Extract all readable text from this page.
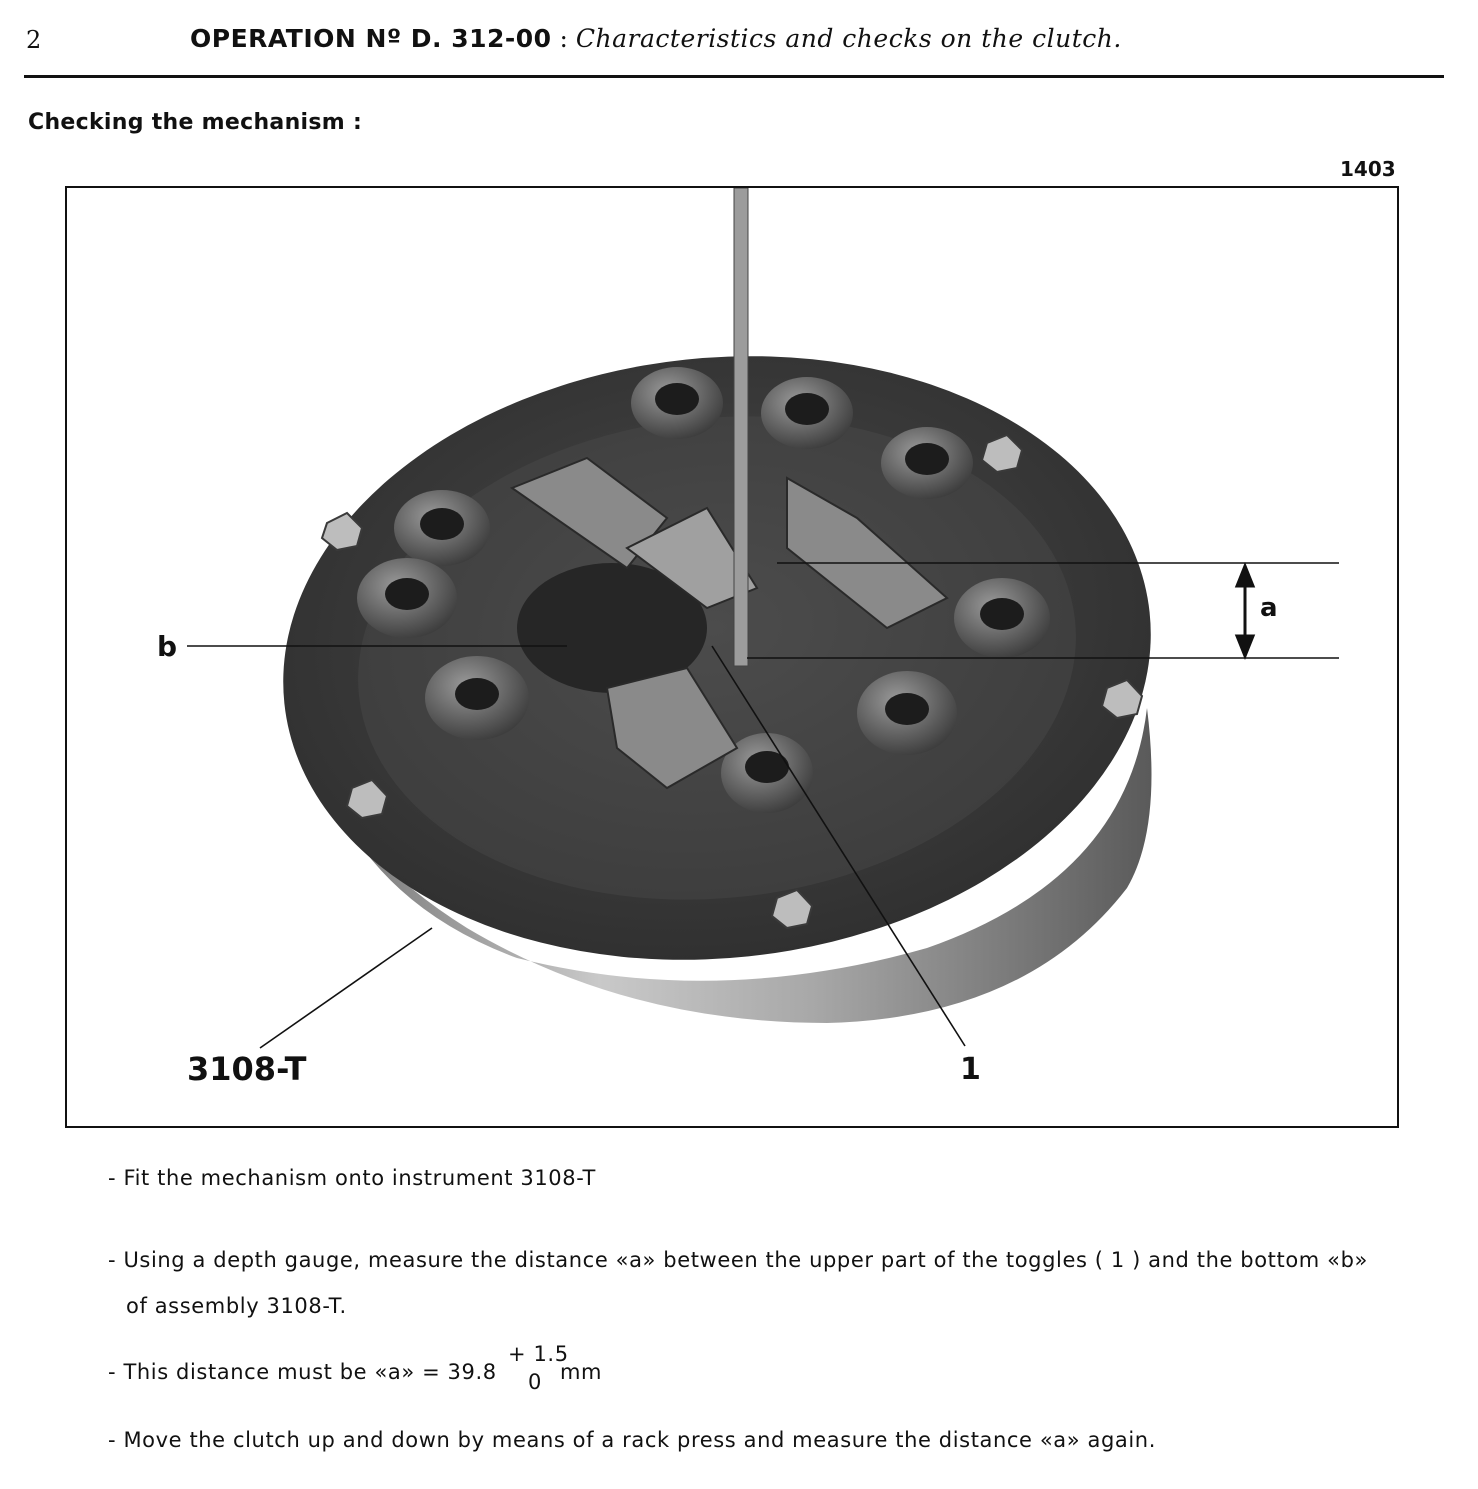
2	OPERATION Nº D. 312-00 : Characteristics and checks on the clutch.
Checking the mechanism :
1403
b
a
3108-T	1
- Fit the mechanism onto instrument 3108-T
- Using a depth gauge, measure the distance «a» between the upper part of the toggles ( 1 ) and the bottom «b»
of assembly 3108-T.
- This distance must be «a» = 39.8
+ 1.5
0 mm
- Move the clutch up and down by means of a rack press and measure the distance «a» again.
